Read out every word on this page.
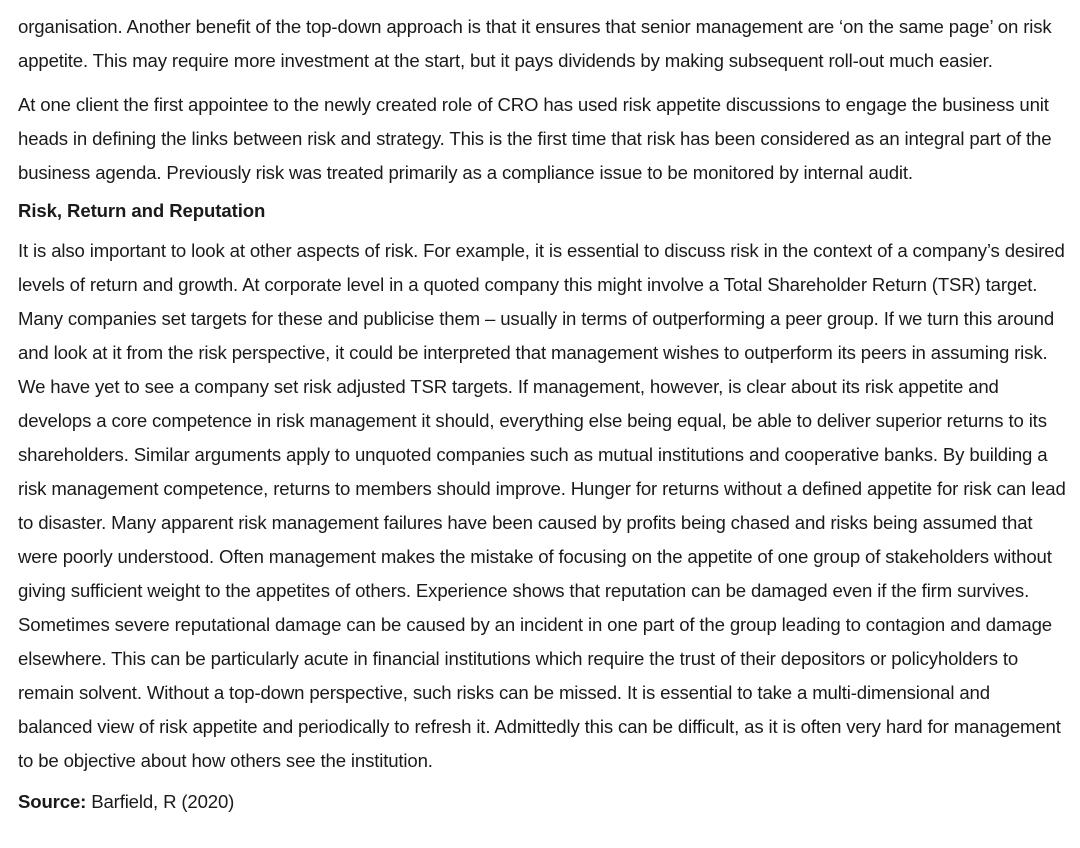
organisation. Another benefit of the top-down approach is that it ensures that senior management are ‘on the same page’ on risk appetite. This may require more investment at the start, but it pays dividends by making subsequent roll-out much easier.

At one client the first appointee to the newly created role of CRO has used risk appetite discussions to engage the business unit heads in defining the links between risk and strategy. This is the first time that risk has been considered as an integral part of the business agenda. Previously risk was treated primarily as a compliance issue to be monitored by internal audit.

Risk, Return and Reputation

It is also important to look at other aspects of risk. For example, it is essential to discuss risk in the context of a company’s desired levels of return and growth. At corporate level in a quoted company this might involve a Total Shareholder Return (TSR) target. Many companies set targets for these and publicise them – usually in terms of outperforming a peer group. If we turn this around and look at it from the risk perspective, it could be interpreted that management wishes to outperform its peers in assuming risk. We have yet to see a company set risk adjusted TSR targets. If management, however, is clear about its risk appetite and develops a core competence in risk management it should, everything else being equal, be able to deliver superior returns to its shareholders. Similar arguments apply to unquoted companies such as mutual institutions and cooperative banks. By building a risk management competence, returns to members should improve. Hunger for returns without a defined appetite for risk can lead to disaster. Many apparent risk management failures have been caused by profits being chased and risks being assumed that were poorly understood. Often management makes the mistake of focusing on the appetite of one group of stakeholders without giving sufficient weight to the appetites of others. Experience shows that reputation can be damaged even if the firm survives. Sometimes severe reputational damage can be caused by an incident in one part of the group leading to contagion and damage elsewhere. This can be particularly acute in financial institutions which require the trust of their depositors or policyholders to remain solvent. Without a top-down perspective, such risks can be missed. It is essential to take a multi-dimensional and balanced view of risk appetite and periodically to refresh it. Admittedly this can be difficult, as it is often very hard for management to be objective about how others see the institution.

Source: Barfield, R (2020)
